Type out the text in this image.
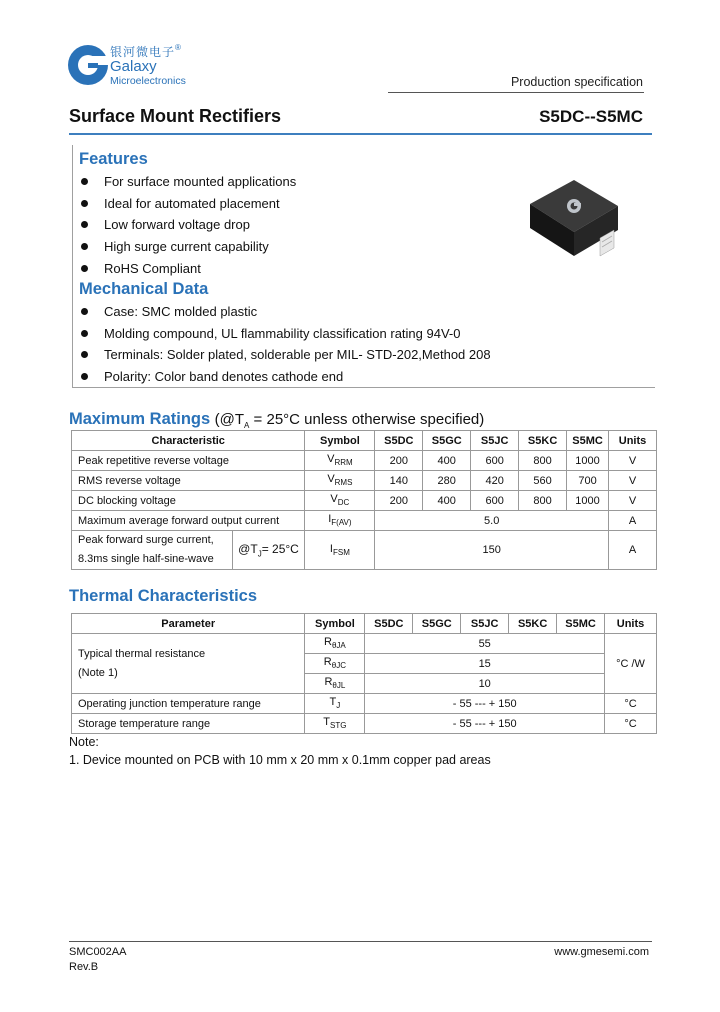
银河微电子®
Galaxy
Microelectronics	Production specification
Surface Mount Rectifiers	S5DC--S5MC
Features
For surface mounted applications
Ideal for automated placement
Low forward voltage drop
High surge current capability
RoHS Compliant
Mechanical Data
Case: SMC molded plastic
Molding compound, UL flammability classification rating 94V-0
Terminals: Solder plated, solderable per MIL- STD-202,Method 208
Polarity: Color band denotes cathode end
Maximum Ratings ($@T_A = 25^\circ C$ unless otherwise specified)
Characteristic		Symbol	S5DC	S5GC	S5JC	S5KC	S5MC	Units
Peak repetitive reverse voltage		$V_{RRM}$	200	400	600	800	1000	V
RMS reverse voltage		$V_{RMS}$	140	280	420	560	700	V
DC blocking voltage		$V_{DC}$	200	400	600	800	1000	V
Maximum average forward output current		$I_{F(AV)}$	5.0					A
Peak forward surge current,
8.3ms single half-sine-wave	$@T_J= 25^\circ C$	$I_{FSM}$	150					A
Thermal Characteristics
Parameter	Symbol	S5DC	S5GC	S5JC	S5KC	S5MC	Units
Typical thermal resistance
(Note 1)	$R_{\theta JA}$	55					°C /W
	$R_{\theta JC}$	15					
	$R_{\theta JL}$	10					
Operating junction temperature range	$T_J$	- 55 --- + 150					°C
Storage temperature range	$T_{STG}$	- 55 --- + 150					°C
Note:
1. Device mounted on PCB with 10 mm x 20 mm x 0.1mm copper pad areas
SMC002AA
Rev.B
www.gmesemi.com
